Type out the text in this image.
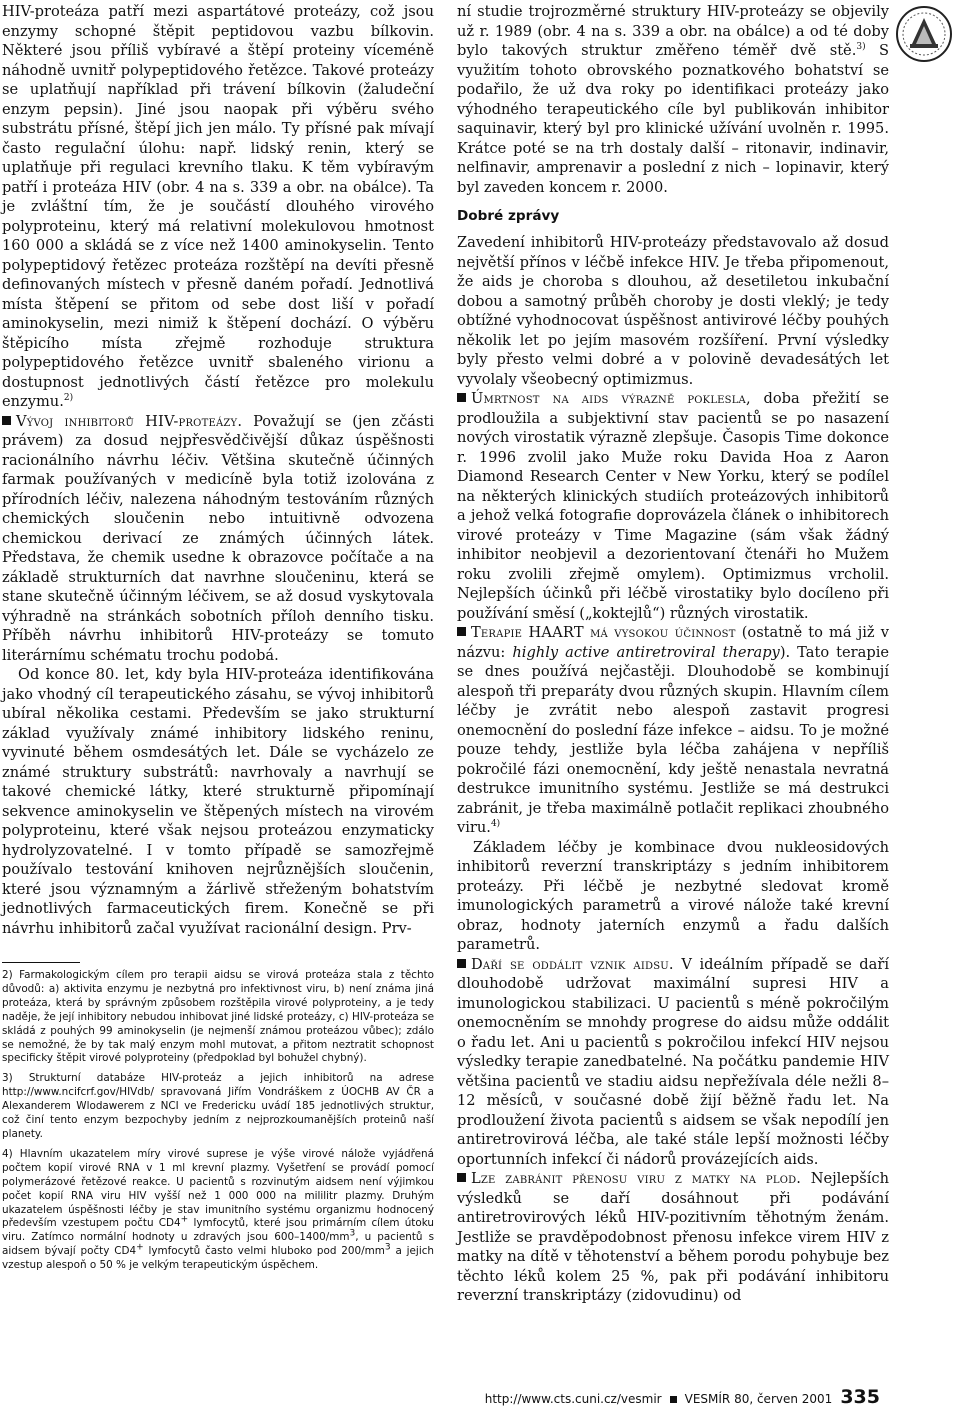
HIV-proteáza patří mezi aspartátové proteázy, což jsou enzymy schopné štěpit peptidovou vazbu bílkovin. Některé jsou příliš vybíravé a štěpí proteiny víceméně náhodně uvnitř polypeptidového řetězce. Takové proteázy se uplatňují například při trávení bílkovin (žaludeční enzym pepsin). Jiné jsou naopak při výběru svého substrátu přísné, štěpí jich jen málo. Ty přísné pak mívají často regulační úlohu: např. lidský renin, který se uplatňuje při regulaci krevního tlaku. K těm vybíravým patří i proteáza HIV (obr. 4 na s. 339 a obr. na obálce). Ta je zvláštní tím, že je součástí dlouhého virového polyproteinu, který má relativní molekulovou hmotnost 160 000 a skládá se z více než 1400 aminokyselin. Tento polypeptidový řetězec proteáza rozštěpí na devíti přesně definovaných místech v přesně daném pořadí. Jednotlivá místa štěpení se přitom od sebe dost liší v pořadí aminokyselin, mezi nimiž k štěpení dochází. O výběru štěpicího místa zřejmě rozhoduje struktura polypeptidového řetězce uvnitř sbaleného virionu a dostupnost jednotlivých částí řetězce pro molekulu enzymu.$^{2)}$

Vývoj inhibitorů HIV-proteázy. Považují se (jen zčásti právem) za dosud nejpřesvědčivější důkaz úspěšnosti racionálního návrhu léčiv. Většina skutečně účinných farmak používaných v medicíně byla totiž izolována z přírodních léčiv, nalezena náhodným testováním různých chemických sloučenin nebo intuitivně odvozena chemickou derivací ze známých účinných látek. Představa, že chemik usedne k obrazovce počítače a na základě strukturních dat navrhne sloučeninu, která se stane skutečně účinným léčivem, se až dosud vyskytovala výhradně na stránkách sobotních příloh denního tisku. Příběh návrhu inhibitorů HIV-proteázy se tomuto literárnímu schématu trochu podobá.

Od konce 80. let, kdy byla HIV-proteáza identifikována jako vhodný cíl terapeutického zásahu, se vývoj inhibitorů ubíral několika cestami. Především se jako strukturní základ využívaly známé inhibitory lidského reninu, vyvinuté během osmdesátých let. Dále se vycházelo ze známé struktury substrátů: navrhovaly a navrhují se takové chemické látky, které strukturně připomínají sekvence aminokyselin ve štěpených místech na virovém polyproteinu, které však nejsou proteázou enzymaticky hydrolyzovatelné. I v tomto případě se samozřejmě používalo testování knihoven nejrůznějších sloučenin, které jsou významným a žárlivě střeženým bohatstvím jednotlivých farmaceutických firem. Konečně se při návrhu inhibitorů začal využívat racionální design. Prv-

2) Farmakologickým cílem pro terapii aidsu se virová proteáza stala z těchto důvodů: a) aktivita enzymu je nezbytná pro infektivnost viru, b) není známa jiná proteáza, která by správným způsobem rozštěpila virové polyproteiny, a je tedy naděje, že její inhibitory nebudou inhibovat jiné lidské proteázy, c) HIV-proteáza se skládá z pouhých 99 aminokyselin (je nejmenší známou proteázou vůbec); zdálo se nemožné, že by tak malý enzym mohl mutovat, a přitom neztratit schopnost specificky štěpit virové polyproteiny (předpoklad byl bohužel chybný).

3) Strukturní databáze HIV-proteáz a jejich inhibitorů na adrese http://www.ncifcrf.gov/HIVdb/ spravovaná Jiřím Vondráškem z ÚOCHB AV ČR a Alexanderem Wlodawerem z NCI ve Fredericku uvádí 185 jednotlivých struktur, což činí tento enzym bezpochyby jedním z nejprozkoumanějších proteinů naší planety.

4) Hlavním ukazatelem míry virové suprese je výše virové nálože vyjádřená počtem kopií virové RNA v 1 ml krevní plazmy. Vyšetření se provádí pomocí polymerázové řetězové reakce. U pacientů s rozvinutým aidsem není výjimkou počet kopií RNA viru HIV vyšší než 1 000 000 na mililitr plazmy. Druhým ukazatelem úspěšnosti léčby je stav imunitního systému organizmu hodnocený především vzestupem počtu CD4+ lymfocytů, které jsou primárním cílem útoku viru. Zatímco normální hodnoty u zdravých jsou $600-1400/mm^3$, u pacientů s aidsem bývají počty CD4+ lymfocytů často velmi hluboko pod $200/mm^3$ a jejich vzestup alespoň o 50 % je velkým terapeutickým úspěchem.

ní studie trojrozměrné struktury HIV-proteázy se objevily už r. 1989 (obr. 4 na s. 339 a obr. na obálce) a od té doby bylo takových struktur změřeno téměř dvě stě.$^{3)}$ S využitím tohoto obrovského poznatkového bohatství se podařilo, že už dva roky po identifikaci proteázy jako výhodného terapeutického cíle byl publikován inhibitor saquinavir, který byl pro klinické užívání uvolněn r. 1995. Krátce poté se na trh dostaly další – ritonavir, indinavir, nelfinavir, amprenavir a poslední z nich – lopinavir, který byl zaveden koncem r. 2000.

Dobré zprávy

Zavedení inhibitorů HIV-proteázy představovalo až dosud největší přínos v léčbě infekce HIV. Je třeba připomenout, že aids je choroba s dlouhou, až desetiletou inkubační dobou a samotný průběh choroby je dosti vleklý; je tedy obtížné vyhodnocovat úspěšnost antivirové léčby pouhých několik let po jejím masovém rozšíření. První výsledky byly přesto velmi dobré a v polovině devadesátých let vyvolaly všeobecný optimizmus.

Úmrtnost na aids výrazně poklesla, doba přežití se prodloužila a subjektivní stav pacientů se po nasazení nových virostatik výrazně zlepšuje. Časopis Time dokonce r. 1996 zvolil jako Muže roku Davida Hoa z Aaron Diamond Research Center v New Yorku, který se podílel na některých klinických studiích proteázových inhibitorů a jehož velká fotografie doprovázela článek o inhibitorech virové proteázy v Time Magazine (sám však žádný inhibitor neobjevil a dezorientovaní čtenáři ho Mužem roku zvolili zřejmě omylem). Optimizmus vrcholil. Nejlepších účinků při léčbě virostatiky bylo docíleno při používání směsí („koktejlů“) různých virostatik.

Terapie HAART má vysokou účinnost (ostatně to má již v názvu: highly active antiretroviral therapy). Tato terapie se dnes používá nejčastěji. Dlouhodobě se kombinují alespoň tři preparáty dvou různých skupin. Hlavním cílem léčby je zvrátit nebo alespoň zastavit progresi onemocnění do poslední fáze infekce – aidsu. To je možné pouze tehdy, jestliže byla léčba zahájena v nepříliš pokročilé fázi onemocnění, kdy ještě nenastala nevratná destrukce imunitního systému. Jestliže se má destrukci zabránit, je třeba maximálně potlačit replikaci zhoubného viru.$^{4)}$

Základem léčby je kombinace dvou nukleosidových inhibitorů reverzní transkriptázy s jedním inhibitorem proteázy. Při léčbě je nezbytné sledovat kromě imunologických parametrů a virové nálože také krevní obraz, hodnoty jaterních enzymů a řadu dalších parametrů.

Daří se oddálit vznik aidsu. V ideálním případě se daří dlouhodobě udržovat maximální supresi HIV a imunologickou stabilizaci. U pacientů s méně pokročilým onemocněním se mnohdy progrese do aidsu může oddálit o řadu let. Ani u pacientů s pokročilou infekcí HIV nejsou výsledky terapie zanedbatelné. Na počátku pandemie HIV většina pacientů ve stadiu aidsu nepřežívala déle nežli 8–12 měsíců, v současné době žijí běžně řadu let. Na prodloužení života pacientů s aidsem se však nepodílí jen antiretrovirová léčba, ale také stále lepší možnosti léčby oportunních infekcí či nádorů provázejících aids.

Lze zabránit přenosu viru z matky na plod. Nejlepších výsledků se daří dosáhnout při podávání antiretrovirových léků HIV-pozitivním těhotným ženám. Jestliže se pravděpodobnost přenosu infekce virem HIV z matky na dítě v těhotenství a během porodu pohybuje bez těchto léků kolem 25 %, pak při podávání inhibitoru reverzní transkriptázy (zidovudinu) od

http://www.cts.cuni.cz/vesmir VESMÍR 80, červen 2001 335
